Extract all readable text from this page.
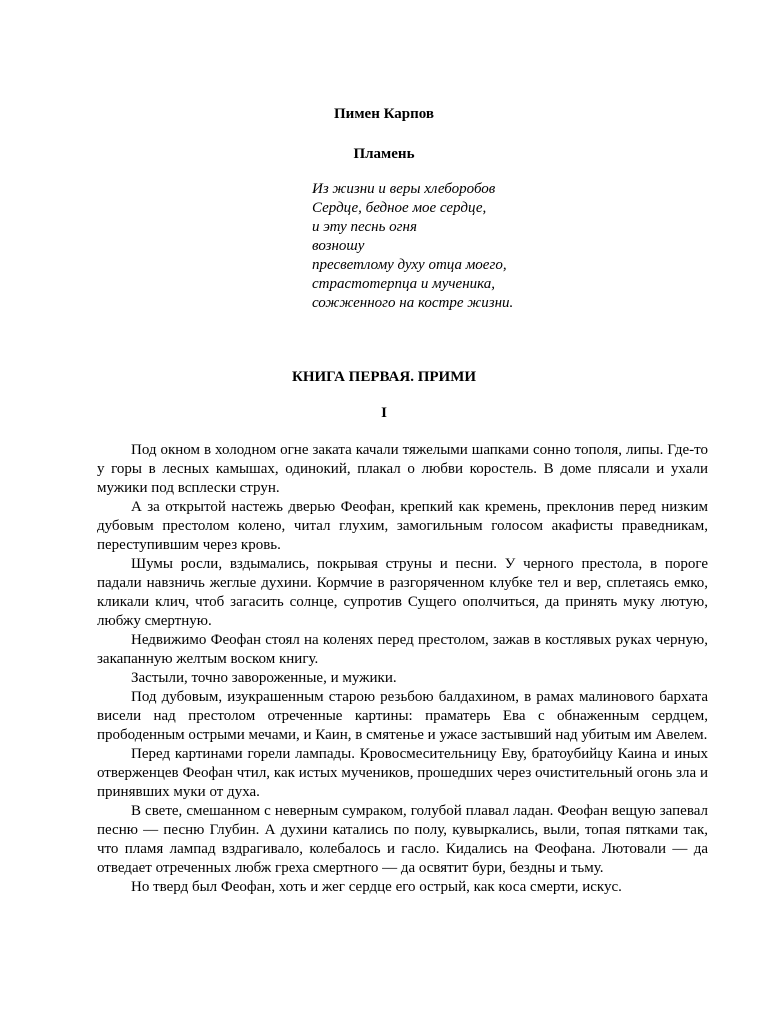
Пимен Карпов
Пламень
Из жизни и веры хлеборобов
Сердце, бедное мое сердце,
и эту песнь огня
возношу
пресветлому духу отца моего,
страстотерпца и мученика,
сожженного на костре жизни.
КНИГА ПЕРВАЯ. ПРИМИ
I

Под окном в холодном огне заката качали тяжелыми шапками сонно тополя, липы. Где-то у горы в лесных камышах, одинокий, плакал о любви коростель. В доме плясали и ухали мужики под всплески струн.

А за открытой настежь дверью Феофан, крепкий как кремень, преклонив перед низким дубовым престолом колено, читал глухим, замогильным голосом акафисты праведникам, переступившим через кровь.

Шумы росли, вздымались, покрывая струны и песни. У черного престола, в пороге падали навзничь жеглые духини. Кормчие в разгоряченном клубке тел и вер, сплетаясь емко, кликали клич, чтоб загасить солнце, супротив Сущего ополчиться, да принять муку лютую, любжу смертную.

Недвижимо Феофан стоял на коленях перед престолом, зажав в костлявых руках черную, закапанную желтым воском книгу.

Застыли, точно завороженные, и мужики.

Под дубовым, изукрашенным старою резьбою балдахином, в рамах малинового бархата висели над престолом отреченные картины: праматерь Ева с обнаженным сердцем, прободенным острыми мечами, и Каин, в смятенье и ужасе застывший над убитым им Авелем.

Перед картинами горели лампады. Кровосмесительницу Еву, братоубийцу Каина и иных отверженцев Феофан чтил, как истых мучеников, прошедших через очистительный огонь зла и принявших муки от духа.

В свете, смешанном с неверным сумраком, голубой плавал ладан. Феофан вещую запевал песню — песню Глубин. А духини катались по полу, кувыркались, выли, топая пятками так, что пламя лампад вздрагивало, колебалось и гасло. Кидались на Феофана. Лютовали — да отведает отреченных любж греха смертного — да освятит бури, бездны и тьму.

Но тверд был Феофан, хоть и жег сердце его острый, как коса смерти, искус.
